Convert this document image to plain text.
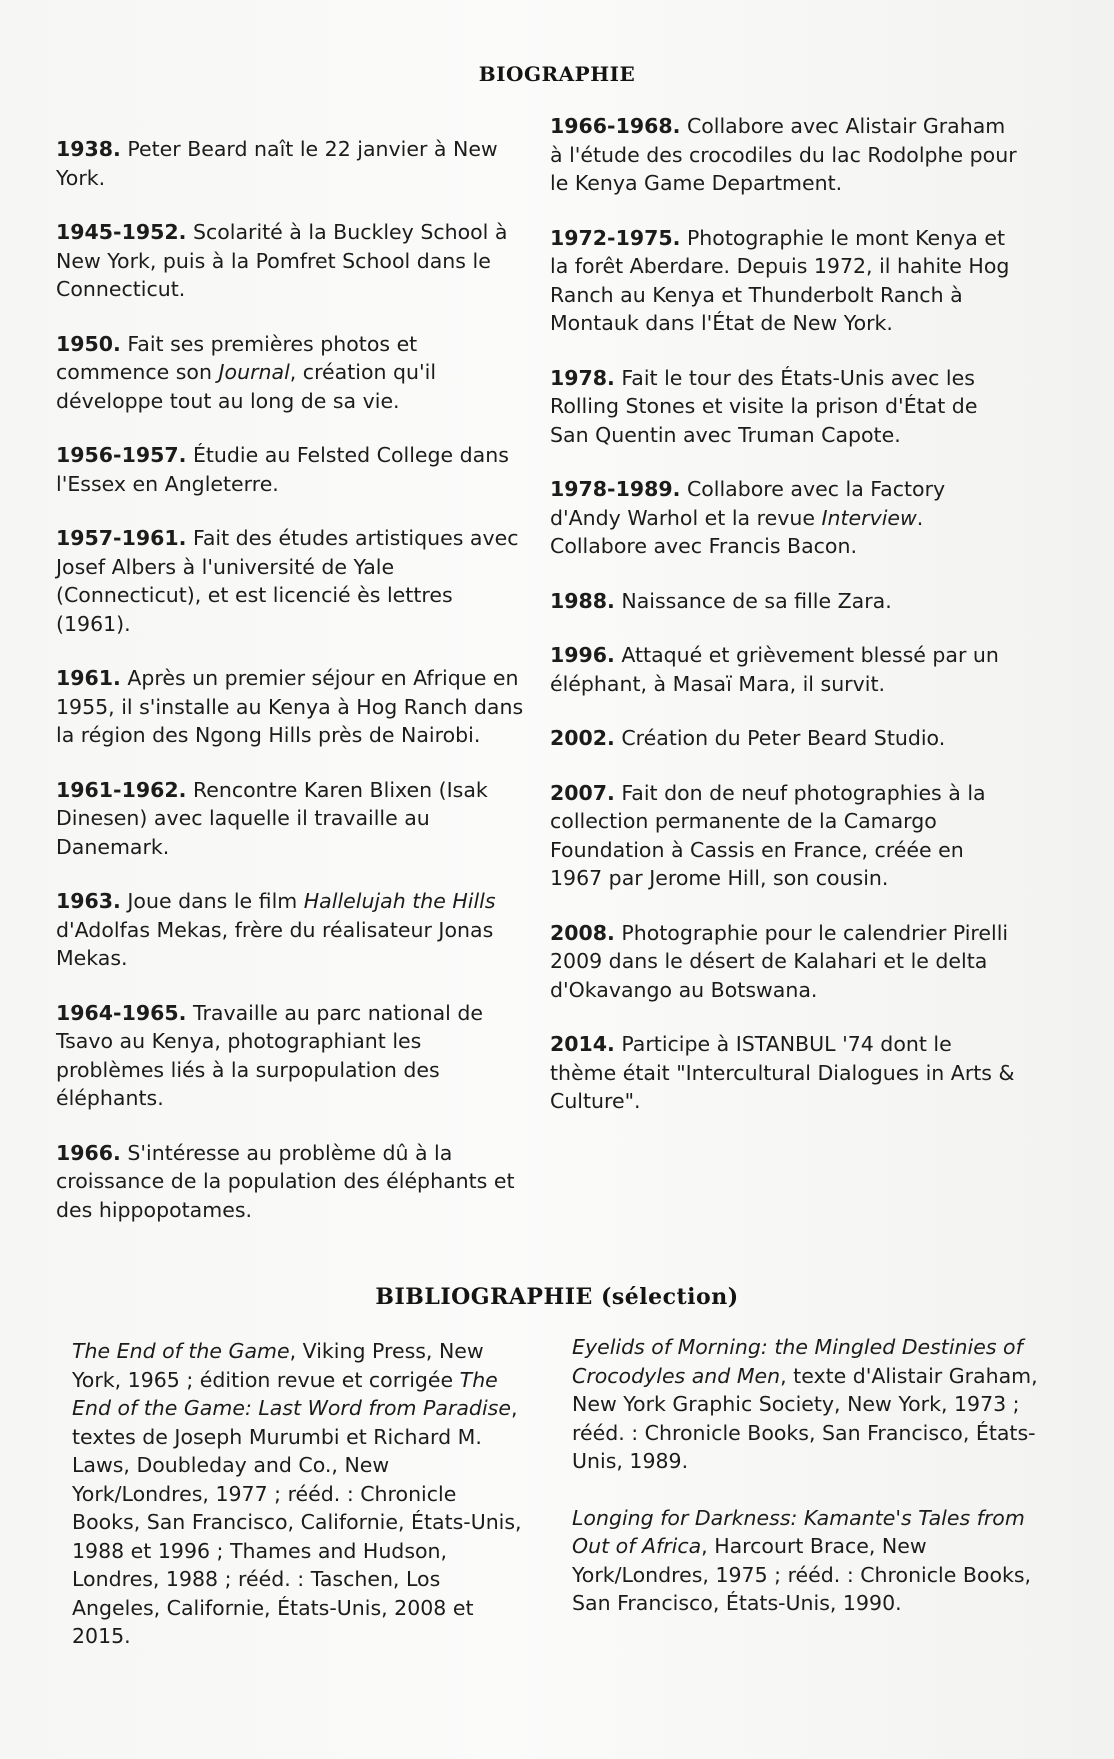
BIOGRAPHIE

1938. Peter Beard naît le 22 janvier à New York.

1945-1952. Scolarité à la Buckley School à New York, puis à la Pomfret School dans le Connecticut.

1950. Fait ses premières photos et commence son Journal, création qu'il développe tout au long de sa vie.

1956-1957. Étudie au Felsted College dans l'Essex en Angleterre.

1957-1961. Fait des études artistiques avec Josef Albers à l'université de Yale (Connecticut), et est licencié ès lettres (1961).

1961. Après un premier séjour en Afrique en 1955, il s'installe au Kenya à Hog Ranch dans la région des Ngong Hills près de Nairobi.

1961-1962. Rencontre Karen Blixen (Isak Dinesen) avec laquelle il travaille au Danemark.

1963. Joue dans le film Hallelujah the Hills d'Adolfas Mekas, frère du réalisateur Jonas Mekas.

1964-1965. Travaille au parc national de Tsavo au Kenya, photographiant les problèmes liés à la surpopulation des éléphants.

1966. S'intéresse au problème dû à la croissance de la population des éléphants et des hippopotames.

1966-1968. Collabore avec Alistair Graham à l'étude des crocodiles du lac Rodolphe pour le Kenya Game Department.

1972-1975. Photographie le mont Kenya et la forêt Aberdare. Depuis 1972, il hahite Hog Ranch au Kenya et Thunderbolt Ranch à Montauk dans l'État de New York.

1978. Fait le tour des États-Unis avec les Rolling Stones et visite la prison d'État de San Quentin avec Truman Capote.

1978-1989. Collabore avec la Factory d'Andy Warhol et la revue Interview. Collabore avec Francis Bacon.

1988. Naissance de sa fille Zara.

1996. Attaqué et grièvement blessé par un éléphant, à Masaï Mara, il survit.

2002. Création du Peter Beard Studio.

2007. Fait don de neuf photographies à la collection permanente de la Camargo Foundation à Cassis en France, créée en 1967 par Jerome Hill, son cousin.

2008. Photographie pour le calendrier Pirelli 2009 dans le désert de Kalahari et le delta d'Okavango au Botswana.

2014. Participe à ISTANBUL '74 dont le thème était "Intercultural Dialogues in Arts & Culture".

BIBLIOGRAPHIE (sélection)

The End of the Game, Viking Press, New York, 1965 ; édition revue et corrigée The End of the Game: Last Word from Paradise, textes de Joseph Murumbi et Richard M. Laws, Doubleday and Co., New York/Londres, 1977 ; rééd. : Chronicle Books, San Francisco, Californie, États-Unis, 1988 et 1996 ; Thames and Hudson, Londres, 1988 ; rééd. : Taschen, Los Angeles, Californie, États-Unis, 2008 et 2015.

Eyelids of Morning: the Mingled Destinies of Crocodyles and Men, texte d'Alistair Graham, New York Graphic Society, New York, 1973 ; rééd. : Chronicle Books, San Francisco, États-Unis, 1989.

Longing for Darkness: Kamante's Tales from Out of Africa, Harcourt Brace, New York/Londres, 1975 ; rééd. : Chronicle Books, San Francisco, États-Unis, 1990.
